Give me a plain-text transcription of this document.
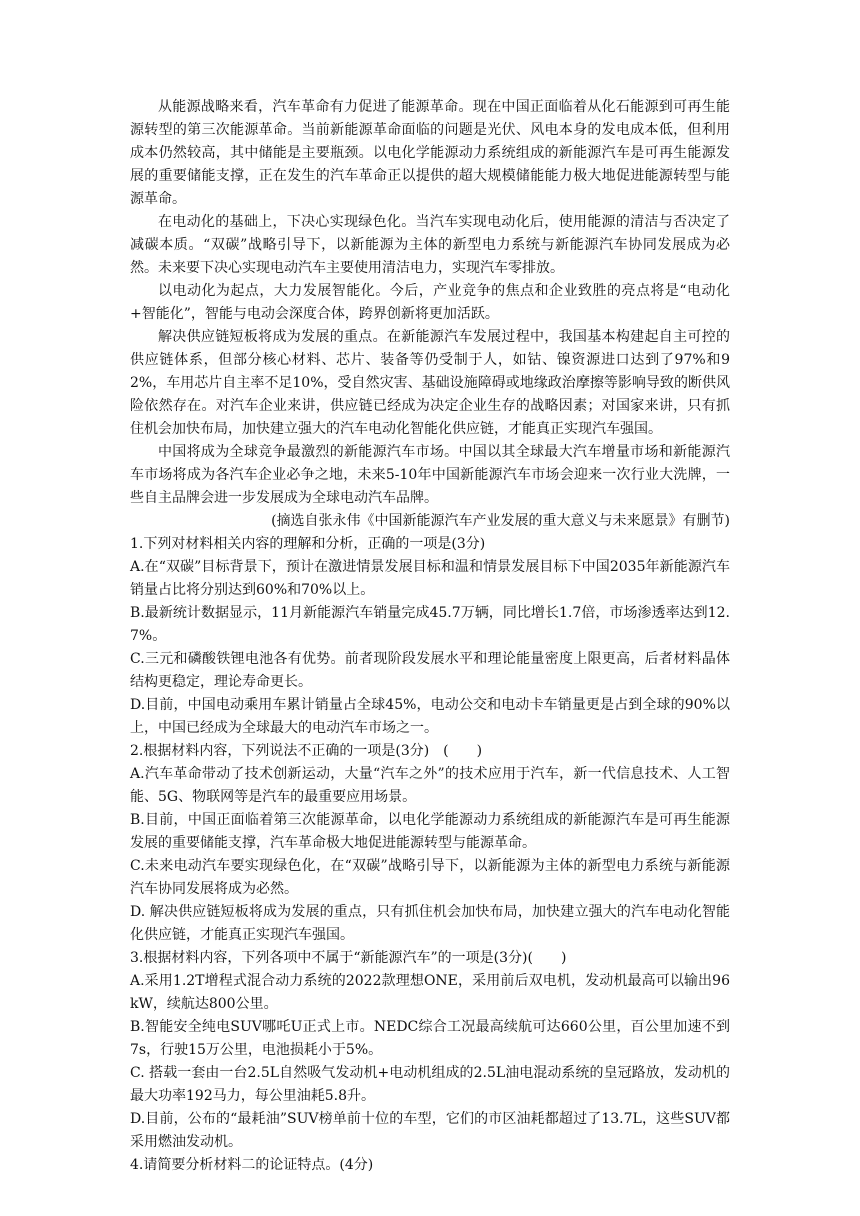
从能源战略来看，汽车革命有力促进了能源革命。现在中国正面临着从化石能源到可再生能源转型的第三次能源革命。当前新能源革命面临的问题是光伏、风电本身的发电成本低，但利用成本仍然较高，其中储能是主要瓶颈。以电化学能源动力系统组成的新能源汽车是可再生能源发展的重要储能支撑，正在发生的汽车革命正以提供的超大规模储能能力极大地促进能源转型与能源革命。

在电动化的基础上，下决心实现绿色化。当汽车实现电动化后，使用能源的清洁与否决定了减碳本质。“双碳”战略引导下，以新能源为主体的新型电力系统与新能源汽车协同发展成为必然。未来要下决心实现电动汽车主要使用清洁电力，实现汽车零排放。

以电动化为起点，大力发展智能化。今后，产业竞争的焦点和企业致胜的亮点将是“电动化+智能化”，智能与电动会深度合体，跨界创新将更加活跃。

解决供应链短板将成为发展的重点。在新能源汽车发展过程中，我国基本构建起自主可控的供应链体系，但部分核心材料、芯片、装备等仍受制于人，如钴、镍资源进口达到了97%和92%，车用芯片自主率不足10%，受自然灾害、基础设施障碍或地缘政治摩擦等影响导致的断供风险依然存在。对汽车企业来讲，供应链已经成为决定企业生存的战略因素；对国家来讲，只有抓住机会加快布局，加快建立强大的汽车电动化智能化供应链，才能真正实现汽车强国。

中国将成为全球竞争最激烈的新能源汽车市场。中国以其全球最大汽车增量市场和新能源汽车市场将成为各汽车企业必争之地，未来5-10年中国新能源汽车市场会迎来一次行业大洗牌，一些自主品牌会进一步发展成为全球电动汽车品牌。

(摘选自张永伟《中国新能源汽车产业发展的重大意义与未来愿景》有删节)

1.下列对材料相关内容的理解和分析，正确的一项是(3分)

A.在“双碳”目标背景下，预计在激进情景发展目标和温和情景发展目标下中国2035年新能源汽车销量占比将分别达到60%和70%以上。

B.最新统计数据显示，11月新能源汽车销量完成45.7万辆，同比增长1.7倍，市场渗透率达到12.7%。

C.三元和磷酸铁锂电池各有优势。前者现阶段发展水平和理论能量密度上限更高，后者材料晶体结构更稳定，理论寿命更长。

D.目前，中国电动乘用车累计销量占全球45%，电动公交和电动卡车销量更是占到全球的90%以上，中国已经成为全球最大的电动汽车市场之一。

2.根据材料内容，下列说法不正确的一项是(3分)　(　　)

A.汽车革命带动了技术创新运动，大量“汽车之外”的技术应用于汽车，新一代信息技术、人工智能、5G、物联网等是汽车的最重要应用场景。

B.目前，中国正面临着第三次能源革命，以电化学能源动力系统组成的新能源汽车是可再生能源发展的重要储能支撑，汽车革命极大地促进能源转型与能源革命。

C.未来电动汽车要实现绿色化，在“双碳”战略引导下，以新能源为主体的新型电力系统与新能源汽车协同发展将成为必然。

D. 解决供应链短板将成为发展的重点，只有抓住机会加快布局，加快建立强大的汽车电动化智能化供应链，才能真正实现汽车强国。

3.根据材料内容，下列各项中不属于“新能源汽车”的一项是(3分)(　　)

A.采用1.2T增程式混合动力系统的2022款理想ONE，采用前后双电机，发动机最高可以输出96kW，续航达800公里。

B.智能安全纯电SUV哪吒U正式上市。NEDC综合工况最高续航可达660公里，百公里加速不到7s，行驶15万公里，电池损耗小于5%。

C. 搭载一套由一台2.5L自然吸气发动机+电动机组成的2.5L油电混动系统的皇冠路放，发动机的最大功率192马力，每公里油耗5.8升。

D.目前，公布的“最耗油”SUV榜单前十位的车型，它们的市区油耗都超过了13.7L，这些SUV都采用燃油发动机。

4.请简要分析材料二的论证特点。(4分)
